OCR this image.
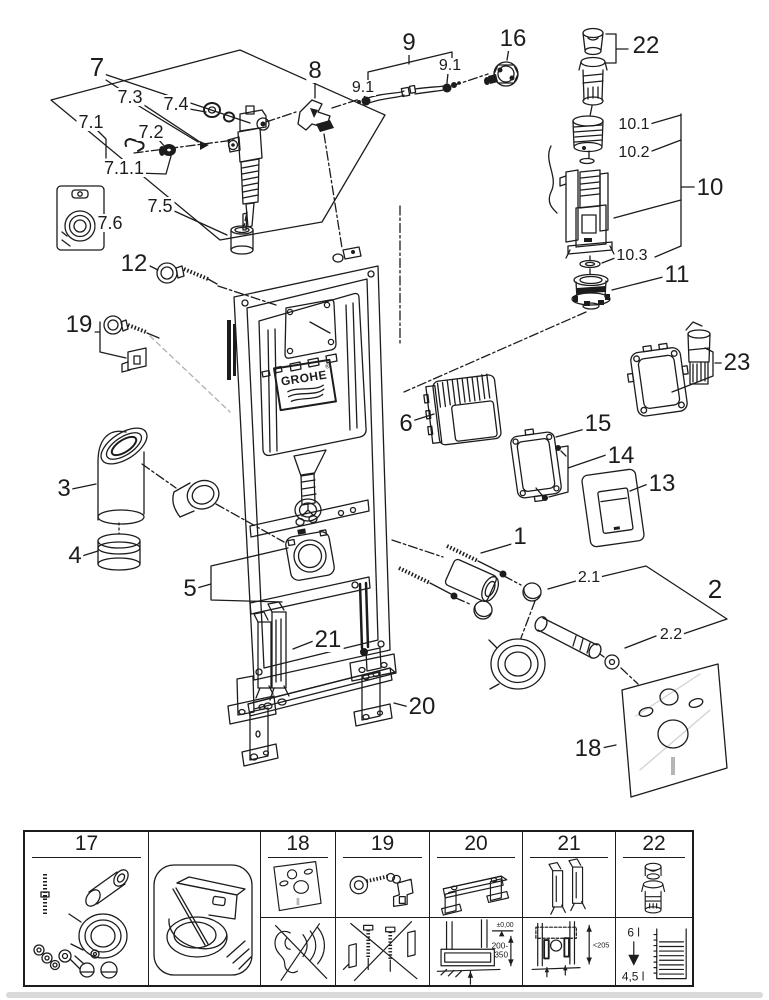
GROHE
®
7
7.3 7.4
7.1 7.2
7.1.1
7.5
7.6
12
19
8
9
9.1
9.1
16	22
10.1
10.2
10
10.3
11
23
6	15
14
13
3
4
5
1
2.1	2
2.2
21
20
18
17	18	19	20
±0,00
200-
350
21
<205
22
6 l
4,5 l
